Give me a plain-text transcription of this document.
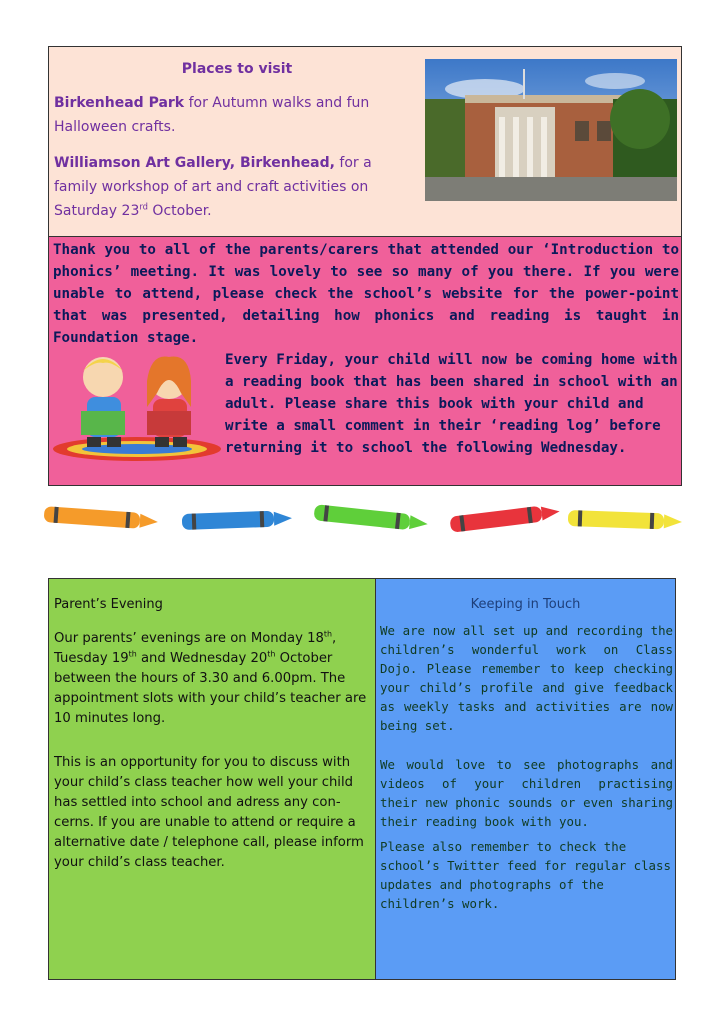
Places to visit
Birkenhead Park for Autumn walks and fun Halloween crafts.
Williamson Art Gallery, Birkenhead, for a family workshop of art and craft activities on Saturday 23rd October.
Thank you to all of the parents/carers that attended our ‘Introduction to phonics’ meeting. It was lovely to see so many of you there. If you were unable to attend, please check the school’s website for the power-point that was presented, detailing how phonics and reading is taught in Foundation stage.
Every Friday, your child will now be coming home with a reading book that has been shared in school with an adult. Please share this book with your child and write a small comment in their ‘reading log’ before returning it to school the following Wednesday.
Parent’s Evening
Our parents’ evenings are on Monday 18th, Tuesday 19th and Wednesday 20th October between the hours of 3.30 and 6.00pm. The appointment slots with your child’s teacher are 10 minutes long.
This is an opportunity for you to discuss with your child’s class teacher how well your child has settled into school and adress any con-cerns. If you are unable to attend or require a alternative date / telephone call, please inform your child’s class teacher.
Keeping in Touch
We are now all set up and recording the children’s wonderful work on Class Dojo. Please remember to keep checking your child’s profile and give feedback as weekly tasks and activities are now being set.
We would love to see photographs and videos of your children practising their new phonic sounds or even sharing their reading book with you.
Please also remember to check the school’s Twitter feed for regular class updates and photographs of the children’s work.
